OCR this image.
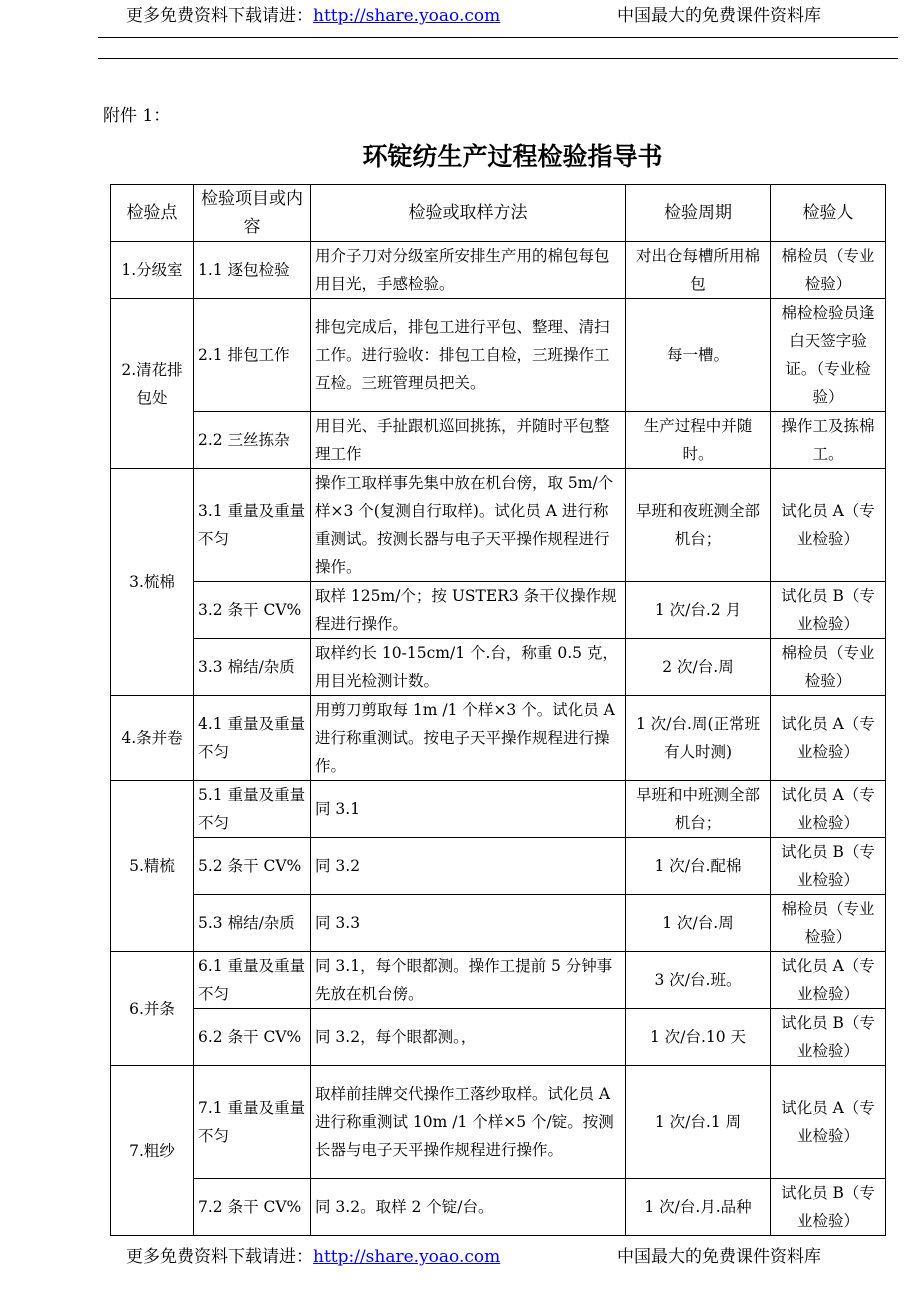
更多免费资料下载请进：http://share.yoao.com	中国最大的免费课件资料库
附件 1：
环锭纺生产过程检验指导书
检验点	检验项目或内容	检验或取样方法	检验周期	检验人
1.分级室	1.1 逐包检验	用介子刀对分级室所安排生产用的棉包每包用目光，手感检验。	对出仓每槽所用棉包	棉检员（专业检验）
2.清花排包处	2.1 排包工作	排包完成后，排包工进行平包、整理、清扫工作。进行验收：排包工自检，三班操作工互检。三班管理员把关。	每一槽。	棉检检验员逢白天签字验证。（专业检验）
	2.2 三丝拣杂	用目光、手扯跟机巡回挑拣，并随时平包整理工作	生产过程中并随时。	操作工及拣棉工。
3.梳棉	3.1 重量及重量不匀	操作工取样事先集中放在机台傍，取 5m/个样×3 个(复测自行取样)。试化员 A 进行称重测试。按测长器与电子天平操作规程进行操作。	早班和夜班测全部机台；	试化员 A（专业检验）
	3.2 条干 CV%	取样 125m/个；按 USTER3 条干仪操作规程进行操作。	1 次/台.2 月	试化员 B（专业检验）
	3.3 棉结/杂质	取样约长 10-15cm/1 个.台，称重 0.5 克，用目光检测计数。	2 次/台.周	棉检员（专业检验）
4.条并卷	4.1 重量及重量不匀	用剪刀剪取每 1m /1 个样×3 个。试化员 A 进行称重测试。按电子天平操作规程进行操作。	1 次/台.周(正常班有人时测)	试化员 A（专业检验）
5.精梳	5.1 重量及重量不匀	同 3.1	早班和中班测全部机台；	试化员 A（专业检验）
	5.2 条干 CV%	同 3.2	1 次/台.配棉	试化员 B（专业检验）
	5.3 棉结/杂质	同 3.3	1 次/台.周	棉检员（专业检验）
6.并条	6.1 重量及重量不匀	同 3.1，每个眼都测。操作工提前 5 分钟事先放在机台傍。	3 次/台.班。	试化员 A（专业检验）
	6.2 条干 CV%	同 3.2，每个眼都测。，	1 次/台.10 天	试化员 B（专业检验）
7.粗纱	7.1 重量及重量不匀	取样前挂牌交代操作工落纱取样。试化员 A 进行称重测试 10m /1 个样×5 个/锭。按测长器与电子天平操作规程进行操作。	1 次/台.1 周	试化员 A（专业检验）
	7.2 条干 CV%	同 3.2。取样 2 个锭/台。	1 次/台.月.品种	试化员 B（专业检验）
更多免费资料下载请进：http://share.yoao.com	中国最大的免费课件资料库
